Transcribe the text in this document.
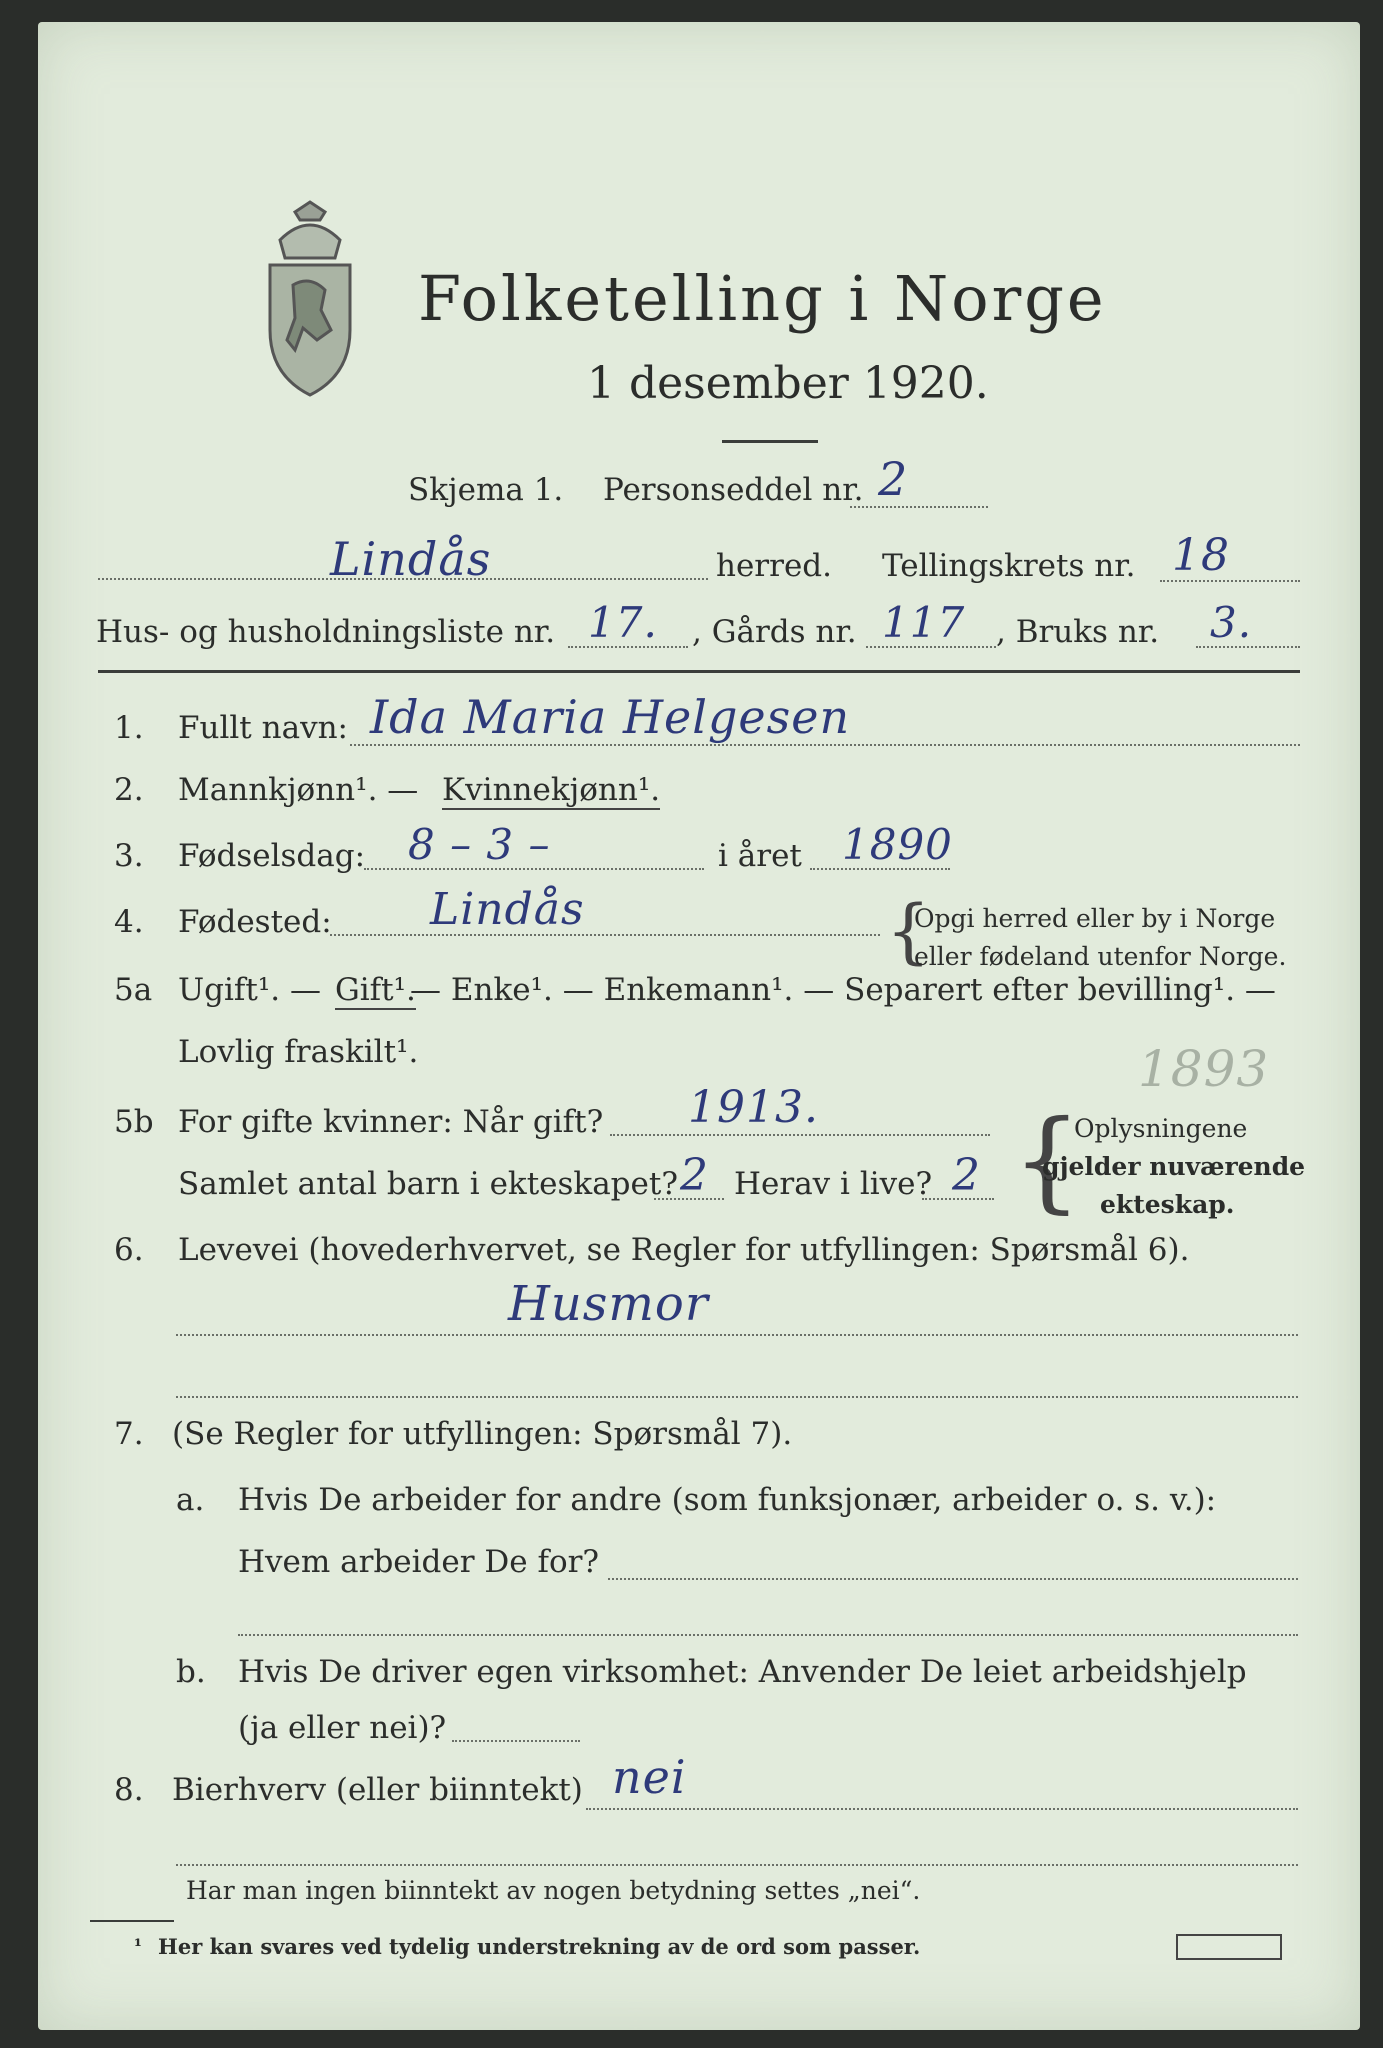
Folketelling i Norge
1 desember 1920.
Skjema 1. Personseddel nr. 2
Lindås	herred. Tellingskrets nr. 18
Hus- og husholdningsliste nr. 17. , Gårds nr. 117 , Bruks nr. 3.
1. Fullt navn: Ida Maria Helgesen
2. Mannkjønn¹. — Kvinnekjønn¹.
3. Fødselsdag: 8 – 3 –	i året 1890
4. Fødested: Lindås	{
Opgi herred eller by i Norge
eller fødeland utenfor Norge.
5a Ugift¹. — Gift¹.
— Enke¹. — Enkemann¹. — Separert efter bevilling¹. —
Lovlig fraskilt¹.	1893
5b For gifte kvinner: Når gift? 1913.
Samlet antal barn i ekteskapet? 2 Herav i live? 2 {
Oplysningene
gjelder nuværende
ekteskap.
6. Levevei (hovederhvervet, se Regler for utfyllingen: Spørsmål 6).
Husmor
7. (Se Regler for utfyllingen: Spørsmål 7).
a. Hvis De arbeider for andre (som funksjonær, arbeider o. s. v.):
Hvem arbeider De for?
b. Hvis De driver egen virksomhet: Anvender De leiet arbeidshjelp
(ja eller nei)?
8. Bierhverv (eller biinntekt) nei
Har man ingen biinntekt av nogen betydning settes „nei“.
¹ Her kan svares ved tydelig understrekning av de ord som passer.
